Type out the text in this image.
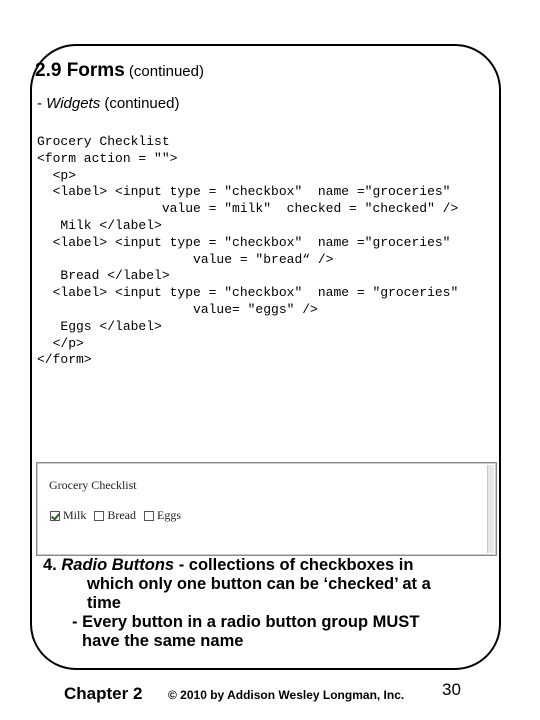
2.9 Forms (continued)
- Widgets (continued)
Grocery Checklist
<form action = "">
<p>
<label> <input type = "checkbox"  name ="groceries"
value = "milk"  checked = "checked" />
Milk </label>
<label> <input type = "checkbox"  name ="groceries"
value = "bread“ />
Bread </label>
<label> <input type = "checkbox"  name = "groceries"
value= "eggs" />
Eggs </label>
</p>
</form>
Grocery Checklist
Milk Bread Eggs
4. Radio Buttons - collections of checkboxes in
which only one button can be ‘checked’ at a
time
- Every button in a radio button group MUST
have the same name
Chapter 2 © 2010 by Addison Wesley Longman, Inc. 30
